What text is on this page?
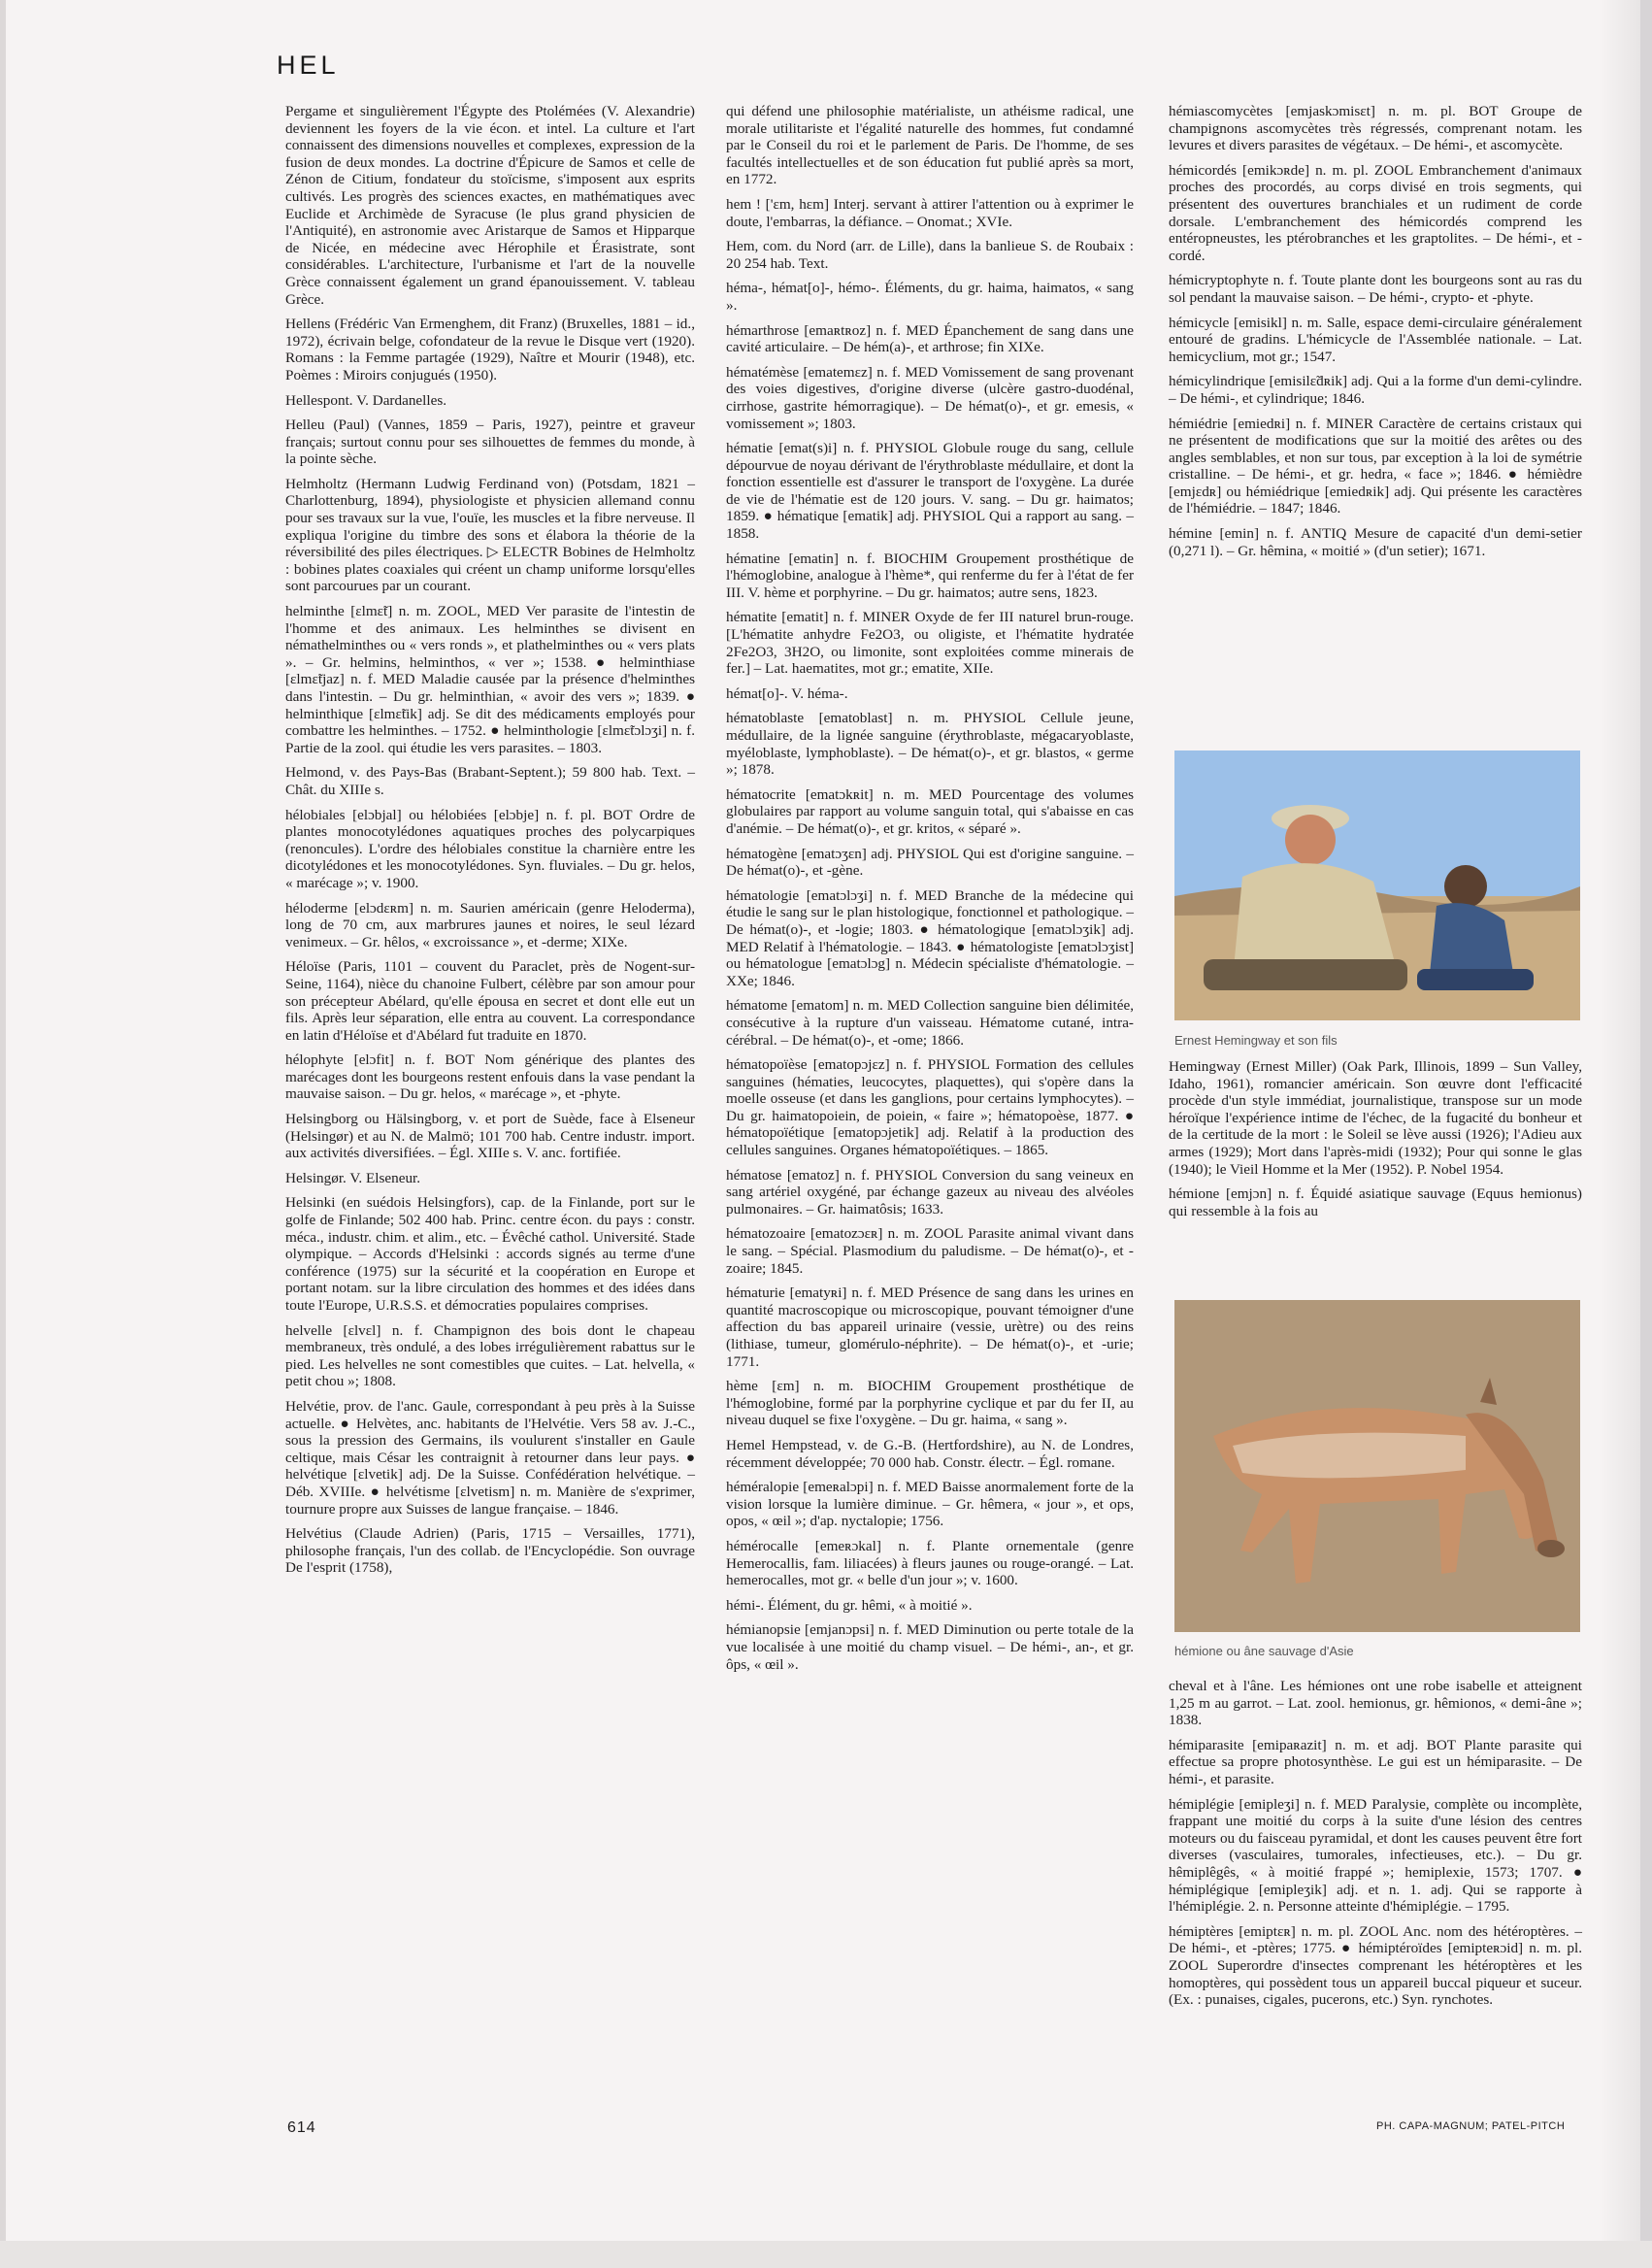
HEL

Pergame et singulièrement l'Égypte des Ptolémées (V. Alexandrie) deviennent les foyers de la vie écon. et intel. La culture et l'art connaissent des dimensions nouvelles et complexes, expression de la fusion de deux mondes. La doctrine d'Épicure de Samos et celle de Zénon de Citium, fondateur du stoïcisme, s'imposent aux esprits cultivés. Les progrès des sciences exactes, en mathématiques avec Euclide et Archimède de Syracuse (le plus grand physicien de l'Antiquité), en astronomie avec Aristarque de Samos et Hipparque de Nicée, en médecine avec Hérophile et Érasistrate, sont considérables. L'architecture, l'urbanisme et l'art de la nouvelle Grèce connaissent également un grand épanouissement. V. tableau Grèce.

Hellens (Frédéric Van Ermenghem, dit Franz) (Bruxelles, 1881 – id., 1972), écrivain belge, cofondateur de la revue le Disque vert (1920). Romans : la Femme partagée (1929), Naître et Mourir (1948), etc. Poèmes : Miroirs conjugués (1950).

Hellespont. V. Dardanelles.

Helleu (Paul) (Vannes, 1859 – Paris, 1927), peintre et graveur français; surtout connu pour ses silhouettes de femmes du monde, à la pointe sèche.

Helmholtz (Hermann Ludwig Ferdinand von) (Potsdam, 1821 – Charlottenburg, 1894), physiologiste et physicien allemand connu pour ses travaux sur la vue, l'ouïe, les muscles et la fibre nerveuse. Il expliqua l'origine du timbre des sons et élabora la théorie de la réversibilité des piles électriques. ▷ ELECTR Bobines de Helmholtz : bobines plates coaxiales qui créent un champ uniforme lorsqu'elles sont parcourues par un courant.

helminthe [ɛlmɛ̃t] n. m. ZOOL, MED Ver parasite de l'intestin de l'homme et des animaux. Les helminthes se divisent en némathelminthes ou « vers ronds », et plathelminthes ou « vers plats ». – Gr. helmins, helminthos, « ver »; 1538. ● helminthiase [ɛlmɛ̃tjaz] n. f. MED Maladie causée par la présence d'helminthes dans l'intestin. – Du gr. helminthian, « avoir des vers »; 1839. ● helminthique [ɛlmɛ̃tik] adj. Se dit des médicaments employés pour combattre les helminthes. – 1752. ● helminthologie [ɛlmɛ̃tɔlɔʒi] n. f. Partie de la zool. qui étudie les vers parasites. – 1803.

Helmond, v. des Pays-Bas (Brabant-Septent.); 59 800 hab. Text. – Chât. du XIIIe s.

hélobiales [elɔbjal] ou hélobiées [elɔbje] n. f. pl. BOT Ordre de plantes monocotylédones aquatiques proches des polycarpiques (renoncules). L'ordre des hélobiales constitue la charnière entre les dicotylédones et les monocotylédones. Syn. fluviales. – Du gr. helos, « marécage »; v. 1900.

héloderme [elɔdɛʀm] n. m. Saurien américain (genre Heloderma), long de 70 cm, aux marbrures jaunes et noires, le seul lézard venimeux. – Gr. hêlos, « excroissance », et -derme; XIXe.

Héloïse (Paris, 1101 – couvent du Paraclet, près de Nogent-sur-Seine, 1164), nièce du chanoine Fulbert, célèbre par son amour pour son précepteur Abélard, qu'elle épousa en secret et dont elle eut un fils. Après leur séparation, elle entra au couvent. La correspondance en latin d'Héloïse et d'Abélard fut traduite en 1870.

hélophyte [elɔfit] n. f. BOT Nom générique des plantes des marécages dont les bourgeons restent enfouis dans la vase pendant la mauvaise saison. – Du gr. helos, « marécage », et -phyte.

Helsingborg ou Hälsingborg, v. et port de Suède, face à Elseneur (Helsingør) et au N. de Malmö; 101 700 hab. Centre industr. import. aux activités diversifiées. – Égl. XIIIe s. V. anc. fortifiée.

Helsingør. V. Elseneur.

Helsinki (en suédois Helsingfors), cap. de la Finlande, port sur le golfe de Finlande; 502 400 hab. Princ. centre écon. du pays : constr. méca., industr. chim. et alim., etc. – Évêché cathol. Université. Stade olympique. – Accords d'Helsinki : accords signés au terme d'une conférence (1975) sur la sécurité et la coopération en Europe et portant notam. sur la libre circulation des hommes et des idées dans toute l'Europe, U.R.S.S. et démocraties populaires comprises.

helvelle [ɛlvɛl] n. f. Champignon des bois dont le chapeau membraneux, très ondulé, a des lobes irrégulièrement rabattus sur le pied. Les helvelles ne sont comestibles que cuites. – Lat. helvella, « petit chou »; 1808.

Helvétie, prov. de l'anc. Gaule, correspondant à peu près à la Suisse actuelle. ● Helvètes, anc. habitants de l'Helvétie. Vers 58 av. J.-C., sous la pression des Germains, ils voulurent s'installer en Gaule celtique, mais César les contraignit à retourner dans leur pays. ● helvétique [ɛlvetik] adj. De la Suisse. Confédération helvétique. – Déb. XVIIIe. ● helvétisme [ɛlvetism] n. m. Manière de s'exprimer, tournure propre aux Suisses de langue française. – 1846.

Helvétius (Claude Adrien) (Paris, 1715 – Versailles, 1771), philosophe français, l'un des collab. de l'Encyclopédie. Son ouvrage De l'esprit (1758),

qui défend une philosophie matérialiste, un athéisme radical, une morale utilitariste et l'égalité naturelle des hommes, fut condamné par le Conseil du roi et le parlement de Paris. De l'homme, de ses facultés intellectuelles et de son éducation fut publié après sa mort, en 1772.

hem ! ['ɛm, hɛm] Interj. servant à attirer l'attention ou à exprimer le doute, l'embarras, la défiance. – Onomat.; XVIe.

Hem, com. du Nord (arr. de Lille), dans la banlieue S. de Roubaix : 20 254 hab. Text.

héma-, hémat[o]-, hémo-. Éléments, du gr. haima, haimatos, « sang ».

hémarthrose [emaʀtʀoz] n. f. MED Épanchement de sang dans une cavité articulaire. – De hém(a)-, et arthrose; fin XIXe.

hématémèse [ematemɛz] n. f. MED Vomissement de sang provenant des voies digestives, d'origine diverse (ulcère gastro-duodénal, cirrhose, gastrite hémorragique). – De hémat(o)-, et gr. emesis, « vomissement »; 1803.

hématie [emat(s)i] n. f. PHYSIOL Globule rouge du sang, cellule dépourvue de noyau dérivant de l'érythroblaste médullaire, et dont la fonction essentielle est d'assurer le transport de l'oxygène. La durée de vie de l'hématie est de 120 jours. V. sang. – Du gr. haimatos; 1859. ● hématique [ematik] adj. PHYSIOL Qui a rapport au sang. – 1858.

hématine [ematin] n. f. BIOCHIM Groupement prosthétique de l'hémoglobine, analogue à l'hème*, qui renferme du fer à l'état de fer III. V. hème et porphyrine. – Du gr. haimatos; autre sens, 1823.

hématite [ematit] n. f. MINER Oxyde de fer III naturel brun-rouge. [L'hématite anhydre Fe2O3, ou oligiste, et l'hématite hydratée 2Fe2O3, 3H2O, ou limonite, sont exploitées comme minerais de fer.] – Lat. haematites, mot gr.; ematite, XIIe.

hémat[o]-. V. héma-.

hématoblaste [ematoblast] n. m. PHYSIOL Cellule jeune, médullaire, de la lignée sanguine (érythroblaste, mégacaryoblaste, myéloblaste, lymphoblaste). – De hémat(o)-, et gr. blastos, « germe »; 1878.

hématocrite [ematɔkʀit] n. m. MED Pourcentage des volumes globulaires par rapport au volume sanguin total, qui s'abaisse en cas d'anémie. – De hémat(o)-, et gr. kritos, « séparé ».

hématogène [ematɔʒɛn] adj. PHYSIOL Qui est d'origine sanguine. – De hémat(o)-, et -gène.

hématologie [ematɔlɔʒi] n. f. MED Branche de la médecine qui étudie le sang sur le plan histologique, fonctionnel et pathologique. – De hémat(o)-, et -logie; 1803. ● hématologique [ematɔlɔʒik] adj. MED Relatif à l'hématologie. – 1843. ● hématologiste [ematɔlɔʒist] ou hématologue [ematɔlɔg] n. Médecin spécialiste d'hématologie. – XXe; 1846.

hématome [ematom] n. m. MED Collection sanguine bien délimitée, consécutive à la rupture d'un vaisseau. Hématome cutané, intra-cérébral. – De hémat(o)-, et -ome; 1866.

hématopoïèse [ematopɔjɛz] n. f. PHYSIOL Formation des cellules sanguines (hématies, leucocytes, plaquettes), qui s'opère dans la moelle osseuse (et dans les ganglions, pour certains lymphocytes). – Du gr. haimatopoiein, de poiein, « faire »; hématopoèse, 1877. ● hématopoïétique [ematopɔjetik] adj. Relatif à la production des cellules sanguines. Organes hématopoïétiques. – 1865.

hématose [ematoz] n. f. PHYSIOL Conversion du sang veineux en sang artériel oxygéné, par échange gazeux au niveau des alvéoles pulmonaires. – Gr. haimatôsis; 1633.

hématozoaire [ematozɔɛʀ] n. m. ZOOL Parasite animal vivant dans le sang. – Spécial. Plasmodium du paludisme. – De hémat(o)-, et -zoaire; 1845.

hématurie [ematyʀi] n. f. MED Présence de sang dans les urines en quantité macroscopique ou microscopique, pouvant témoigner d'une affection du bas appareil urinaire (vessie, urètre) ou des reins (lithiase, tumeur, glomérulo-néphrite). – De hémat(o)-, et -urie; 1771.

hème [ɛm] n. m. BIOCHIM Groupement prosthétique de l'hémoglobine, formé par la porphyrine cyclique et par du fer II, au niveau duquel se fixe l'oxygène. – Du gr. haima, « sang ».

Hemel Hempstead, v. de G.-B. (Hertfordshire), au N. de Londres, récemment développée; 70 000 hab. Constr. électr. – Égl. romane.

héméralopie [emeʀalɔpi] n. f. MED Baisse anormalement forte de la vision lorsque la lumière diminue. – Gr. hêmera, « jour », et ops, opos, « œil »; d'ap. nyctalopie; 1756.

hémérocalle [emeʀɔkal] n. f. Plante ornementale (genre Hemerocallis, fam. liliacées) à fleurs jaunes ou rouge-orangé. – Lat. hemerocalles, mot gr. « belle d'un jour »; v. 1600.

hémi-. Élément, du gr. hêmi, « à moitié ».

hémianopsie [emjanɔpsi] n. f. MED Diminution ou perte totale de la vue localisée à une moitié du champ visuel. – De hémi-, an-, et gr. ôps, « œil ».

hémiascomycètes [emjaskɔmisɛt] n. m. pl. BOT Groupe de champignons ascomycètes très régressés, comprenant notam. les levures et divers parasites de végétaux. – De hémi-, et ascomycète.

hémicordés [emikɔʀde] n. m. pl. ZOOL Embranchement d'animaux proches des procordés, au corps divisé en trois segments, qui présentent des ouvertures branchiales et un rudiment de corde dorsale. L'embranchement des hémicordés comprend les entéropneustes, les ptérobranches et les graptolites. – De hémi-, et -cordé.

hémicryptophyte n. f. Toute plante dont les bourgeons sont au ras du sol pendant la mauvaise saison. – De hémi-, crypto- et -phyte.

hémicycle [emisikl] n. m. Salle, espace demi-circulaire généralement entouré de gradins. L'hémicycle de l'Assemblée nationale. – Lat. hemicyclium, mot gr.; 1547.

hémicylindrique [emisilɛ̃dʀik] adj. Qui a la forme d'un demi-cylindre. – De hémi-, et cylindrique; 1846.

hémiédrie [emiedʀi] n. f. MINER Caractère de certains cristaux qui ne présentent de modifications que sur la moitié des arêtes ou des angles semblables, et non sur tous, par exception à la loi de symétrie cristalline. – De hémi-, et gr. hedra, « face »; 1846. ● hémièdre [emjɛdʀ] ou hémiédrique [emiedʀik] adj. Qui présente les caractères de l'hémiédrie. – 1847; 1846.

hémine [emin] n. f. ANTIQ Mesure de capacité d'un demi-setier (0,271 l). – Gr. hêmina, « moitié » (d'un setier); 1671.

Ernest Hemingway et son fils

Hemingway (Ernest Miller) (Oak Park, Illinois, 1899 – Sun Valley, Idaho, 1961), romancier américain. Son œuvre dont l'efficacité procède d'un style immédiat, journalistique, transpose sur un mode héroïque l'expérience intime de l'échec, de la fugacité du bonheur et de la certitude de la mort : le Soleil se lève aussi (1926); l'Adieu aux armes (1929); Mort dans l'après-midi (1932); Pour qui sonne le glas (1940); le Vieil Homme et la Mer (1952). P. Nobel 1954.

hémione [emjɔn] n. f. Équidé asiatique sauvage (Equus hemionus) qui ressemble à la fois au

hémione ou âne sauvage d'Asie

cheval et à l'âne. Les hémiones ont une robe isabelle et atteignent 1,25 m au garrot. – Lat. zool. hemionus, gr. hêmionos, « demi-âne »; 1838.

hémiparasite [emipaʀazit] n. m. et adj. BOT Plante parasite qui effectue sa propre photosynthèse. Le gui est un hémiparasite. – De hémi-, et parasite.

hémiplégie [emipleʒi] n. f. MED Paralysie, complète ou incomplète, frappant une moitié du corps à la suite d'une lésion des centres moteurs ou du faisceau pyramidal, et dont les causes peuvent être fort diverses (vasculaires, tumorales, infectieuses, etc.). – Du gr. hêmiplêgês, « à moitié frappé »; hemiplexie, 1573; 1707. ● hémiplégique [emipleʒik] adj. et n. 1. adj. Qui se rapporte à l'hémiplégie. 2. n. Personne atteinte d'hémiplégie. – 1795.

hémiptères [emiptɛʀ] n. m. pl. ZOOL Anc. nom des hétéroptères. – De hémi-, et -ptères; 1775. ● hémiptéroïdes [emipteʀɔid] n. m. pl. ZOOL Superordre d'insectes comprenant les hétéroptères et les homoptères, qui possèdent tous un appareil buccal piqueur et suceur. (Ex. : punaises, cigales, pucerons, etc.) Syn. rynchotes.

614	PH. CAPA-MAGNUM; PATEL-PITCH
